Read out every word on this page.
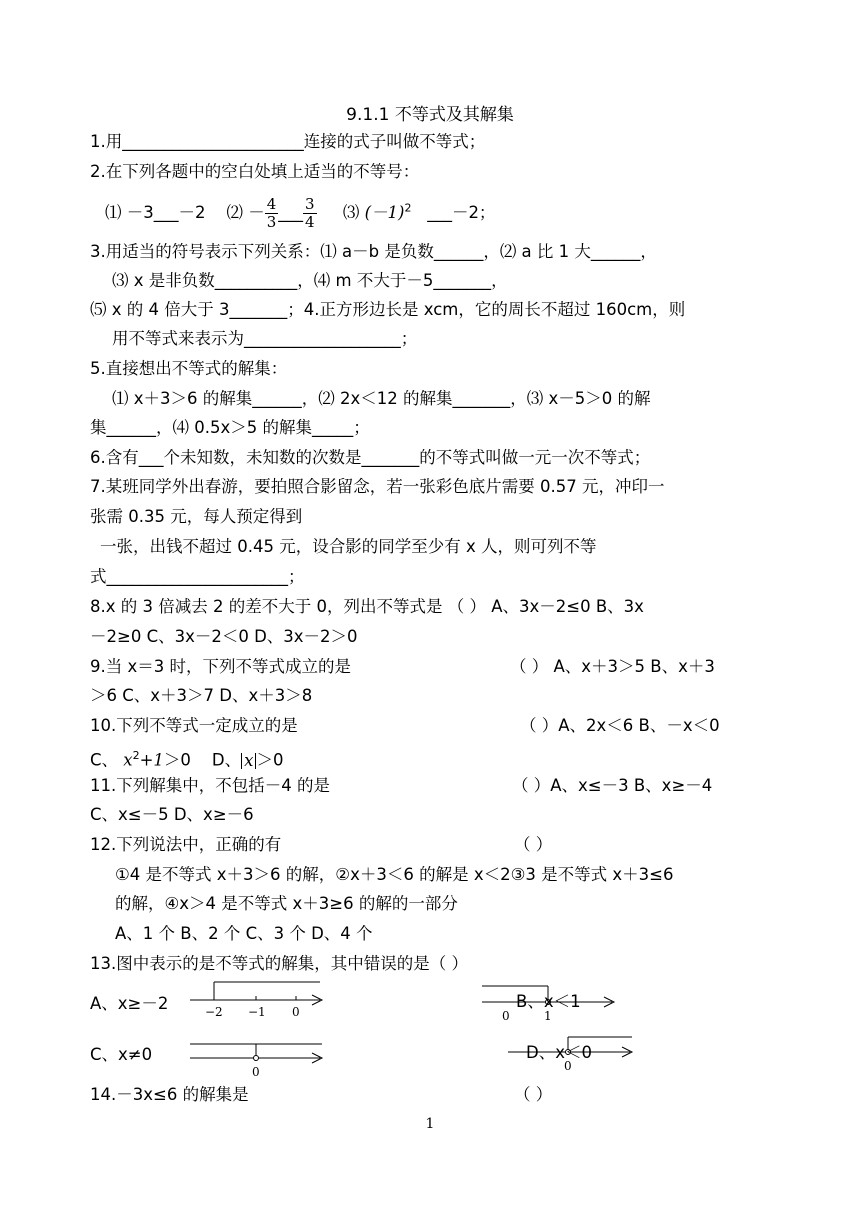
9.1.1 不等式及其解集
1.用______________________连接的式子叫做不等式；
2.在下列各题中的空白处填上适当的不等号：
⑴ －3___－2 ⑵ － $\frac{4}{3}$ ___ $\frac{3}{4}$ ⑶ $(-1)^2$ ___－2；
3.用适当的符号表示下列关系：⑴ a－b 是负数______，⑵ a 比 1 大______，
⑶ x 是非负数__________，⑷ m 不大于－5_______，
⑸ x 的 4 倍大于 3_______；4.正方形边长是 xcm，它的周长不超过 160cm，则
用不等式来表示为___________________；
5.直接想出不等式的解集：
⑴ x＋3＞6 的解集______，⑵ 2x＜12 的解集_______，⑶ x－5＞0 的解
集______，⑷ 0.5x＞5 的解集_____；
6.含有___个未知数，未知数的次数是_______的不等式叫做一元一次不等式；
7.某班同学外出春游，要拍照合影留念，若一张彩色底片需要 0.57 元，冲印一
张需 0.35 元，每人预定得到
一张，出钱不超过 0.45 元，设合影的同学至少有 x 人，则可列不等
式______________________；
8.x 的 3 倍减去 2 的差不大于 0，列出不等式是 （ ） A、3x－2≤0 B、3x
－2≥0 C、3x－2＜0 D、3x－2＞0
9.当 x＝3 时，下列不等式成立的是	（ ） A、x＋3＞5 B、x＋3
＞6 C、x＋3＞7 D、x＋3＞8
10.下列不等式一定成立的是	（ ）A、2x＜6 B、－x＜0
C、 $x^2+1>0$ D、 x ＞0
11.下列解集中，不包括－4 的是	（ ）A、x≤－3 B、x≥－4
C、x≤－5 D、x≥－6
12.下列说法中，正确的有	（ ）
①4 是不等式 x＋3＞6 的解，②x＋3＜6 的解是 x＜2③3 是不等式 x＋3≤6
的解，④x＞4 是不等式 x＋3≥6 的解的一部分
A、1 个 B、2 个 C、3 个 D、4 个
13.图中表示的是不等式的解集，其中错误的是（ ）
A、x≥－2	−2 −1 0	0	1
B、x＜1
C、x≠0
0	0
D、x＜0
14.－3x≤6 的解集是	（ ）
1
